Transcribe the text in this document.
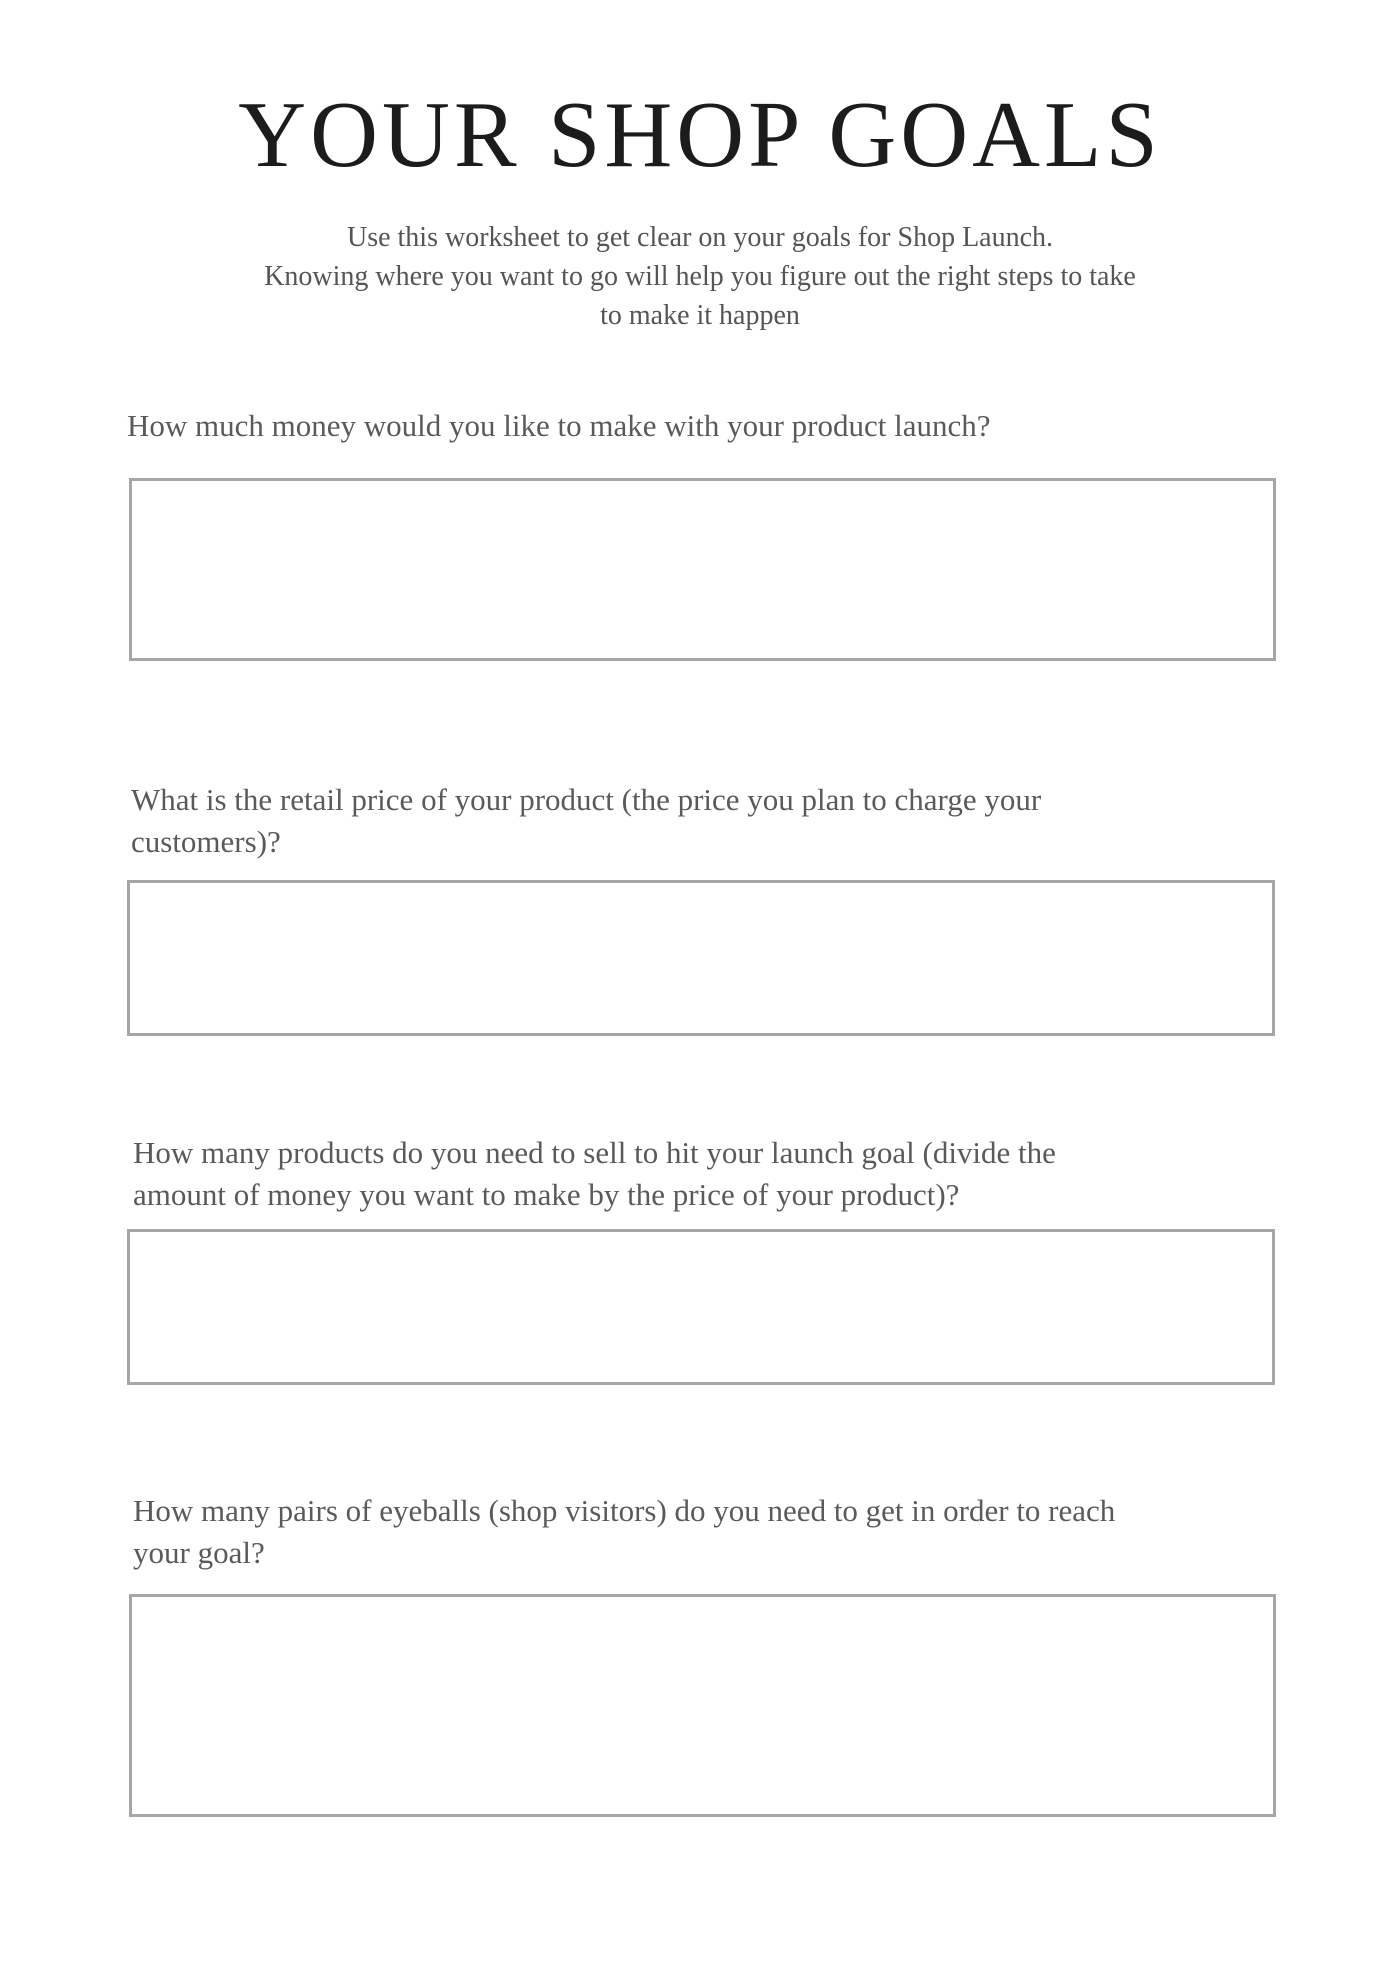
YOUR SHOP GOALS
Use this worksheet to get clear on your goals for Shop Launch.
Knowing where you want to go will help you figure out the right steps to take
to make it happen
How much money would you like to make with your product launch?
What is the retail price of your product (the price you plan to charge your
customers)?
How many products do you need to sell to hit your launch goal (divide the
amount of money you want to make by the price of your product)?
How many pairs of eyeballs (shop visitors) do you need to get in order to reach
your goal?
